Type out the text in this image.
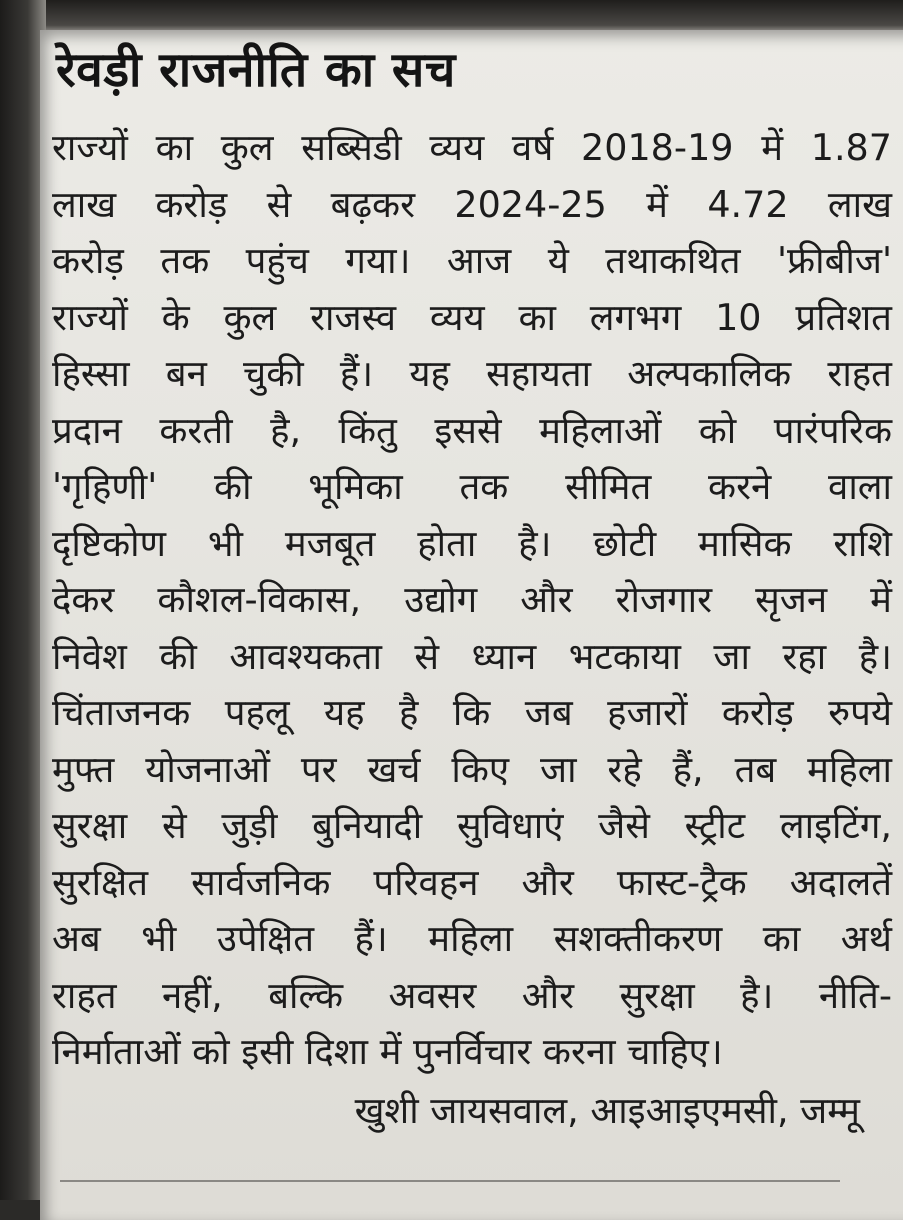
रेवड़ी राजनीति का सच
राज्यों का कुल सब्सिडी व्यय वर्ष 2018-19 में 1.87
लाख करोड़ से बढ़कर 2024-25 में 4.72 लाख
करोड़ तक पहुंच गया। आज ये तथाकथित 'फ्रीबीज'
राज्यों के कुल राजस्व व्यय का लगभग 10 प्रतिशत
हिस्सा बन चुकी हैं। यह सहायता अल्पकालिक राहत
प्रदान करती है, किंतु इससे महिलाओं को पारंपरिक
'गृहिणी' की भूमिका तक सीमित करने वाला
दृष्टिकोण भी मजबूत होता है। छोटी मासिक राशि
देकर कौशल-विकास, उद्योग और रोजगार सृजन में
निवेश की आवश्यकता से ध्यान भटकाया जा रहा है।
चिंताजनक पहलू यह है कि जब हजारों करोड़ रुपये
मुफ्त योजनाओं पर खर्च किए जा रहे हैं, तब महिला
सुरक्षा से जुड़ी बुनियादी सुविधाएं जैसे स्ट्रीट लाइटिंग,
सुरक्षित सार्वजनिक परिवहन और फास्ट-ट्रैक अदालतें
अब भी उपेक्षित हैं। महिला सशक्तीकरण का अर्थ
राहत नहीं, बल्कि अवसर और सुरक्षा है। नीति-
निर्माताओं को इसी दिशा में पुनर्विचार करना चाहिए।
खुशी जायसवाल, आइआइएमसी, जम्मू
